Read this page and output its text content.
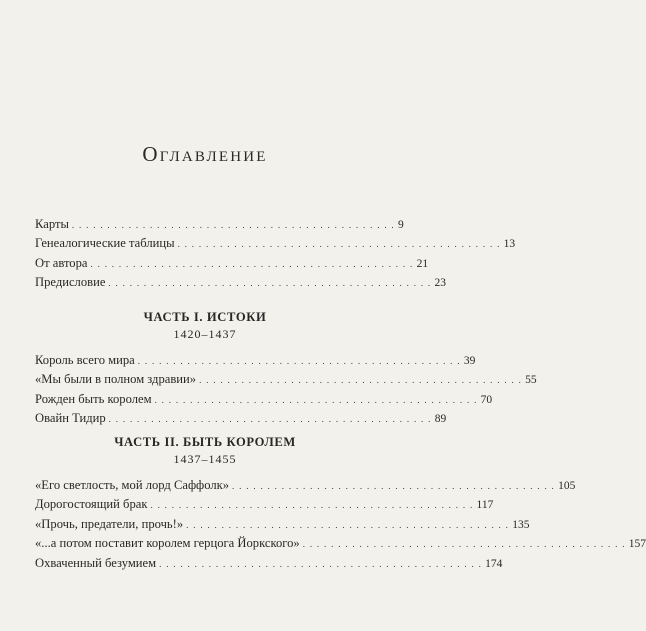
Оглавление
Карты . . . . . . . . . . . . . . . . . . . . . . . . . . . . . . . . . . . . . . . . . . . . . . 9
Генеалогические таблицы . . . . . . . . . . . . . . . . . . . . . . . . . . . . . . . . . . . . . . . . . . . . . . 13
От автора . . . . . . . . . . . . . . . . . . . . . . . . . . . . . . . . . . . . . . . . . . . . . . 21
Предисловие . . . . . . . . . . . . . . . . . . . . . . . . . . . . . . . . . . . . . . . . . . . . . . 23
ЧАСТЬ I. ИСТОКИ
1420–1437
Король всего мира . . . . . . . . . . . . . . . . . . . . . . . . . . . . . . . . . . . . . . . . . . . . . . 39
«Мы были в полном здравии» . . . . . . . . . . . . . . . . . . . . . . . . . . . . . . . . . . . . . . . . . . . . . . 55
Рожден быть королем . . . . . . . . . . . . . . . . . . . . . . . . . . . . . . . . . . . . . . . . . . . . . . 70
Овайн Тидир . . . . . . . . . . . . . . . . . . . . . . . . . . . . . . . . . . . . . . . . . . . . . . 89
ЧАСТЬ II. БЫТЬ КОРОЛЕМ
1437–1455
«Его светлость, мой лорд Саффолк» . . . . . . . . . . . . . . . . . . . . . . . . . . . . . . . . . . . . . . . . . . . . . . 105
Дорогостоящий брак . . . . . . . . . . . . . . . . . . . . . . . . . . . . . . . . . . . . . . . . . . . . . . 117
«Прочь, предатели, прочь!» . . . . . . . . . . . . . . . . . . . . . . . . . . . . . . . . . . . . . . . . . . . . . . 135
«...а потом поставит королем герцога Йоркского» . . . . . . . . . . . . . . . . . . . . . . . . . . . . . . . . . . . . . . . . . . . . . . 157
Охваченный безумием . . . . . . . . . . . . . . . . . . . . . . . . . . . . . . . . . . . . . . . . . . . . . . 174
